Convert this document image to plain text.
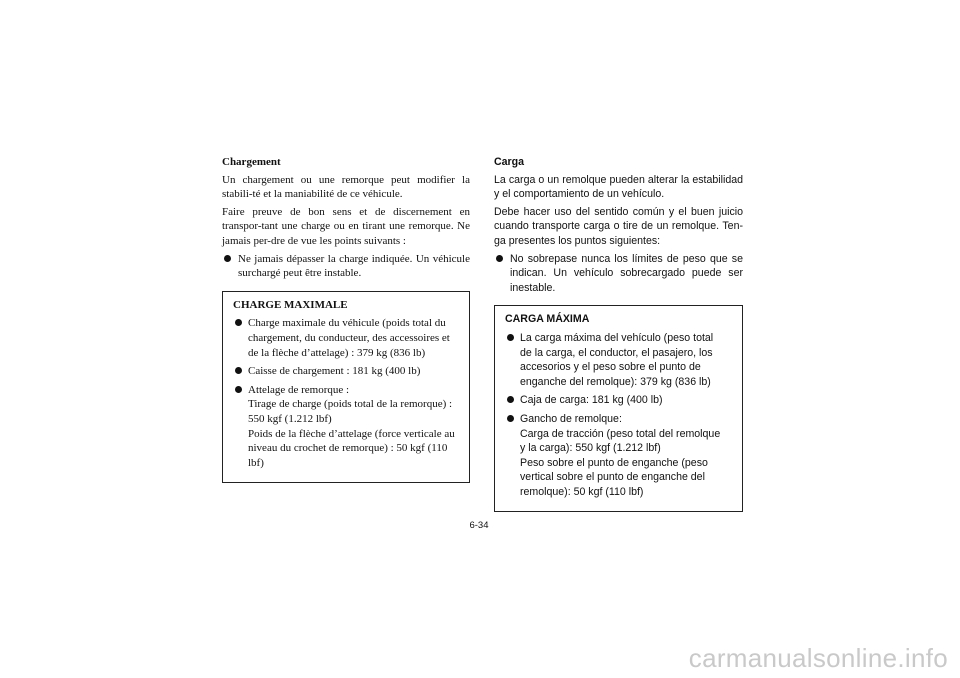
Chargement

Un chargement ou une remorque peut modifier la stabili-té et la maniabilité de ce véhicule.

Faire preuve de bon sens et de discernement en transpor-tant une charge ou en tirant une remorque. Ne jamais per-dre de vue les points suivants :

Ne jamais dépasser la charge indiquée. Un véhicule surchargé peut être instable.
CHARGE MAXIMALE
Charge maximale du véhicule (poids total du
chargement, du conducteur, des accessoires et
de la flèche d’attelage) : 379 kg (836 lb)
Caisse de chargement : 181 kg (400 lb)
Attelage de remorque :
Tirage de charge (poids total de la remorque) :
550 kgf (1.212 lbf)
Poids de la flèche d’attelage (force verticale au
niveau du crochet de remorque) : 50 kgf (110 lbf)
Carga

La carga o un remolque pueden alterar la estabilidad y el comportamiento de un vehículo.

Debe hacer uso del sentido común y el buen juicio cuando transporte carga o tire de un remolque. Ten-ga presentes los puntos siguientes:

No sobrepase nunca los límites de peso que se indican. Un vehículo sobrecargado puede ser inestable.
CARGA MÁXIMA
La carga máxima del vehículo (peso total
de la carga, el conductor, el pasajero, los
accesorios y el peso sobre el punto de
enganche del remolque): 379 kg (836 lb)
Caja de carga: 181 kg (400 lb)
Gancho de remolque:
Carga de tracción (peso total del remolque
y la carga): 550 kgf (1.212 lbf)
Peso sobre el punto de enganche (peso
vertical sobre el punto de enganche del
remolque): 50 kgf (110 lbf)
6-34
carmanualsonline.info
